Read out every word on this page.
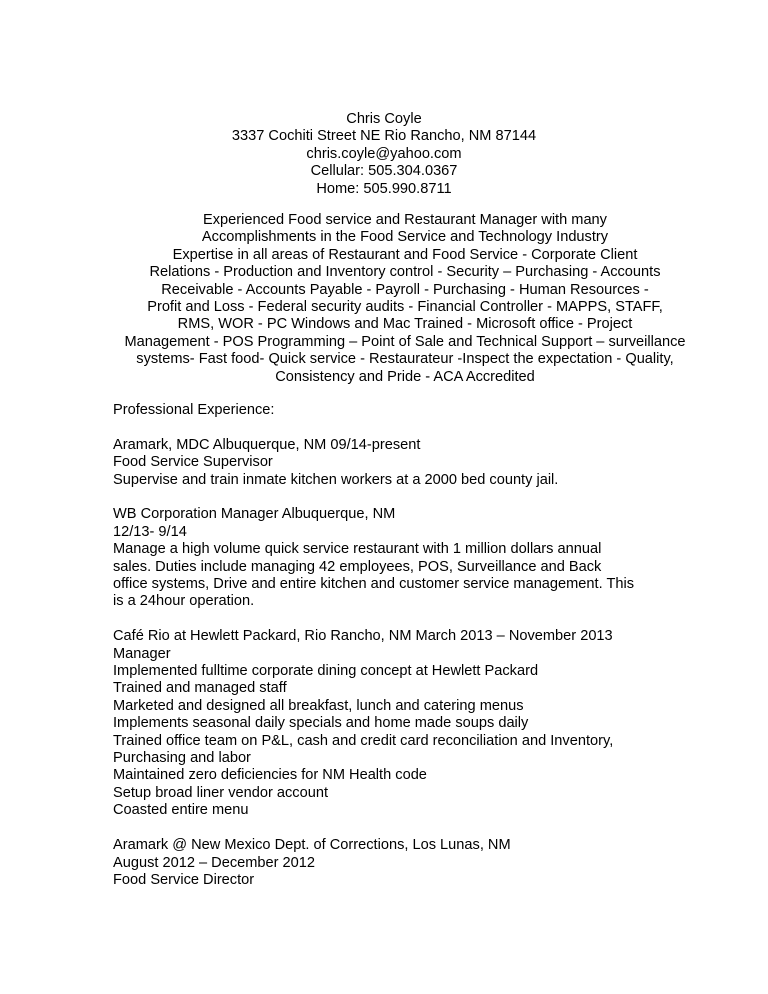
Chris Coyle
3337 Cochiti Street NE Rio Rancho, NM 87144
chris.coyle@yahoo.com
Cellular: 505.304.0367
Home: 505.990.8711
Experienced Food service and Restaurant Manager with many
Accomplishments in the Food Service and Technology Industry
Expertise in all areas of Restaurant and Food Service - Corporate Client
Relations - Production and Inventory control - Security – Purchasing - Accounts
Receivable - Accounts Payable - Payroll - Purchasing - Human Resources -
Profit and Loss - Federal security audits - Financial Controller - MAPPS, STAFF,
RMS, WOR - PC Windows and Mac Trained - Microsoft office - Project
Management - POS Programming – Point of Sale and Technical Support – surveillance
systems- Fast food- Quick service - Restaurateur -Inspect the expectation - Quality,
Consistency and Pride - ACA Accredited
Professional Experience:
Aramark, MDC Albuquerque, NM 09/14-present
Food Service Supervisor
Supervise and train inmate kitchen workers at a 2000 bed county jail.
WB Corporation Manager Albuquerque, NM
12/13- 9/14
Manage a high volume quick service restaurant with 1 million dollars annual
sales. Duties include managing 42 employees, POS, Surveillance and Back
office systems, Drive and entire kitchen and customer service management. This
is a 24hour operation.
Café Rio at Hewlett Packard, Rio Rancho, NM March 2013 – November 2013
Manager
Implemented fulltime corporate dining concept at Hewlett Packard
Trained and managed staff
Marketed and designed all breakfast, lunch and catering menus
Implements seasonal daily specials and home made soups daily
Trained office team on P&L, cash and credit card reconciliation and Inventory,
Purchasing and labor
Maintained zero deficiencies for NM Health code
Setup broad liner vendor account
Coasted entire menu
Aramark @ New Mexico Dept. of Corrections, Los Lunas, NM
August 2012 – December 2012
Food Service Director
